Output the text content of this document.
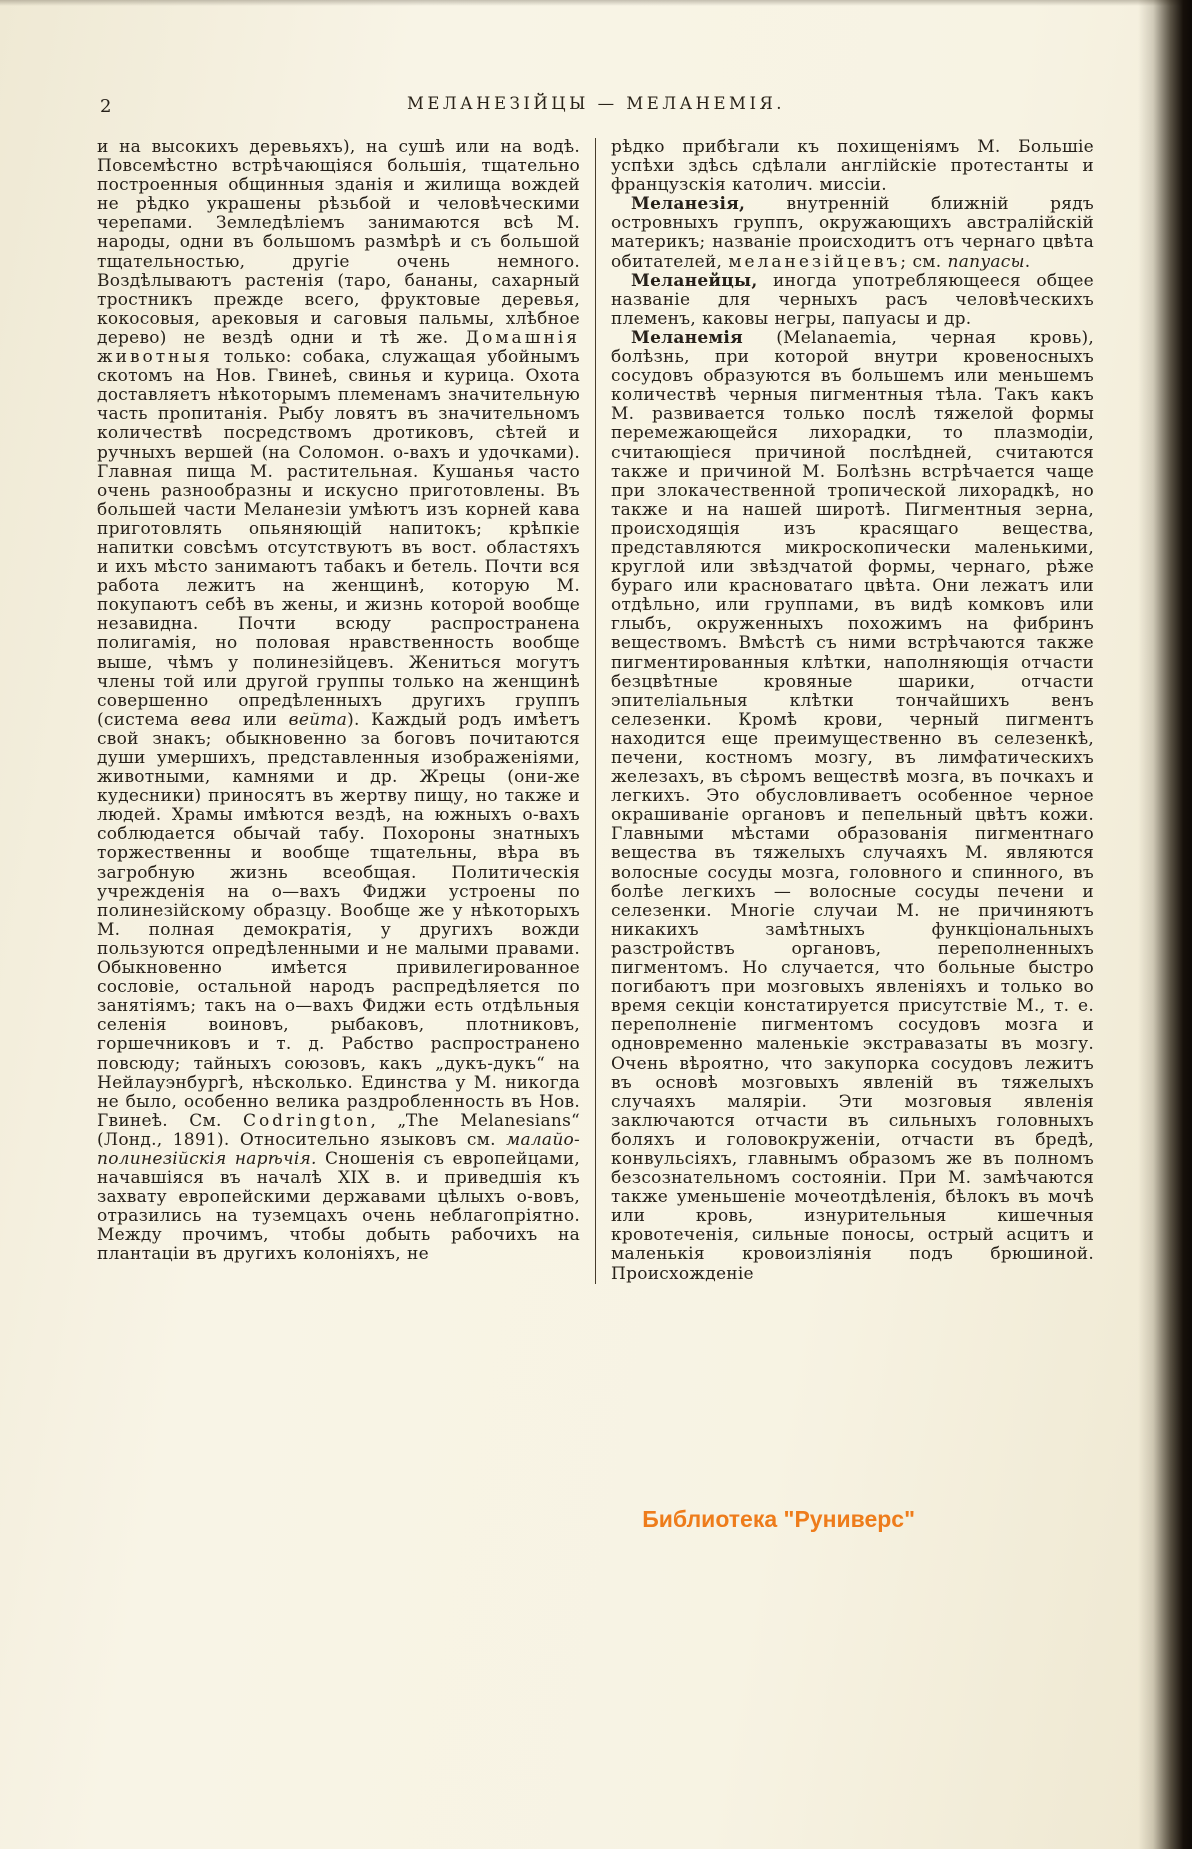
2	МЕЛАНЕЗІЙЦЫ — МЕЛАНЕМІЯ.

и на высокихъ деревьяхъ), на сушѣ или на водѣ. Повсемѣстно встрѣчающіяся большія, тщательно построенныя общинныя зданія и жилища вождей не рѣдко украшены рѣзьбой и человѣческими черепами. Земледѣліемъ занимаются всѣ М. народы, одни въ большомъ размѣрѣ и съ большой тщательностью, другіе очень немного. Воздѣлываютъ растенія (таро, бананы, сахарный тростникъ прежде всего, фруктовые деревья, кокосовыя, арековыя и саговыя пальмы, хлѣбное дерево) не вездѣ одни и тѣ же. Домашнія животныя только: собака, служащая убойнымъ скотомъ на Нов. Гвинеѣ, свинья и курица. Охота доставляетъ нѣкоторымъ племенамъ значительную часть пропитанія. Рыбу ловятъ въ значительномъ количествѣ посредствомъ дротиковъ, сѣтей и ручныхъ вершей (на Соломон. о-вахъ и удочками). Главная пища М. растительная. Кушанья часто очень разнообразны и искусно приготовлены. Въ большей части Меланезіи умѣютъ изъ корней кава приготовлять опьяняющій напитокъ; крѣпкіе напитки совсѣмъ отсутствуютъ въ вост. областяхъ и ихъ мѣсто занимаютъ табакъ и бетель. Почти вся работа лежитъ на женщинѣ, которую М. покупаютъ себѣ въ жены, и жизнь которой вообще незавидна. Почти всюду распространена полигамія, но половая нравственность вообще выше, чѣмъ у полинезійцевъ. Жениться могутъ члены той или другой группы только на женщинѣ совершенно опредѣленныхъ другихъ группъ (система вева или вейта). Каждый родъ имѣетъ свой знакъ; обыкновенно за боговъ почитаются души умершихъ, представленныя изображеніями, животными, камнями и др. Жрецы (они-же кудесники) приносятъ въ жертву пищу, но также и людей. Храмы имѣются вездѣ, на южныхъ о-вахъ соблюдается обычай табу. Похороны знатныхъ торжественны и вообще тщательны, вѣра въ загробную жизнь всеобщая. Политическія учрежденія на о—вахъ Фиджи устроены по полинезійскому образцу. Вообще же у нѣкоторыхъ М. полная демократія, у другихъ вожди пользуются опредѣленными и не малыми правами. Обыкновенно имѣется привилегированное сословіе, остальной народъ распредѣляется по занятіямъ; такъ на о—вахъ Фиджи есть отдѣльныя селенія воиновъ, рыбаковъ, плотниковъ, горшечниковъ и т. д. Рабство распространено повсюду; тайныхъ союзовъ, какъ „дукъ-дукъ“ на Нейлауэнбургѣ, нѣсколько. Единства у М. никогда не было, особенно велика раздробленность въ Нов. Гвинеѣ. См. Codrington, „The Melanesians“ (Лонд., 1891). Относительно языковъ см. малайо-полинезійскія нарѣчія. Сношенія съ европейцами, начавшіяся въ началѣ XIX в. и приведшія къ захвату европейскими державами цѣлыхъ о-вовъ, отразились на туземцахъ очень неблагопріятно. Между прочимъ, чтобы добыть рабочихъ на плантаціи въ другихъ колоніяхъ, не

рѣдко прибѣгали къ похищеніямъ М. Большіе успѣхи здѣсь сдѣлали англійскіе протестанты и французскія католич. миссіи.

Меланезія, внутренній ближній рядъ островныхъ группъ, окружающихъ австралійскій материкъ; названіе происходитъ отъ чернаго цвѣта обитателей, меланезійцевъ; см. папуасы.

Меланейцы, иногда употребляющееся общее названіе для черныхъ расъ человѣческихъ племенъ, каковы негры, папуасы и др.

Меланемія (Melanaemia, черная кровь), болѣзнь, при которой внутри кровеносныхъ сосудовъ образуются въ большемъ или меньшемъ количествѣ черныя пигментныя тѣла. Такъ какъ М. развивается только послѣ тяжелой формы перемежающейся лихорадки, то плазмодіи, считающіеся причиной послѣдней, считаются также и причиной М. Болѣзнь встрѣчается чаще при злокачественной тропической лихорадкѣ, но также и на нашей широтѣ. Пигментныя зерна, происходящія изъ красящаго вещества, представляются микроскопически маленькими, круглой или звѣздчатой формы, чернаго, рѣже бураго или красноватаго цвѣта. Они лежатъ или отдѣльно, или группами, въ видѣ комковъ или глыбъ, окруженныхъ похожимъ на фибринъ веществомъ. Вмѣстѣ съ ними встрѣчаются также пигментированныя клѣтки, наполняющія отчасти безцвѣтные кровяные шарики, отчасти эпителіальныя клѣтки тончайшихъ венъ селезенки. Кромѣ крови, черный пигментъ находится еще преимущественно въ селезенкѣ, печени, костномъ мозгу, въ лимфатическихъ железахъ, въ сѣромъ веществѣ мозга, въ почкахъ и легкихъ. Это обусловливаетъ особенное черное окрашиваніе органовъ и пепельный цвѣтъ кожи. Главными мѣстами образованія пигментнаго вещества въ тяжелыхъ случаяхъ М. являются волосные сосуды мозга, головного и спинного, въ болѣе легкихъ — волосные сосуды печени и селезенки. Многіе случаи М. не причиняютъ никакихъ замѣтныхъ функціональныхъ разстройствъ органовъ, переполненныхъ пигментомъ. Но случается, что больные быстро погибаютъ при мозговыхъ явленіяхъ и только во время секціи констатируется присутствіе М., т. е. переполненіе пигментомъ сосудовъ мозга и одновременно маленькіе экстравазаты въ мозгу. Очень вѣроятно, что закупорка сосудовъ лежитъ въ основѣ мозговыхъ явленій въ тяжелыхъ случаяхъ маляріи. Эти мозговыя явленія заключаются отчасти въ сильныхъ головныхъ боляхъ и головокруженіи, отчасти въ бредѣ, конвульсіяхъ, главнымъ образомъ же въ полномъ безсознательномъ состояніи. При М. замѣчаются также уменьшеніе мочеотдѣленія, бѣлокъ въ мочѣ или кровь, изнурительныя кишечныя кровотеченія, сильные поносы, острый асцитъ и маленькія кровоизліянія подъ брюшиной. Происхожденіе

Библиотека "Руниверс"
